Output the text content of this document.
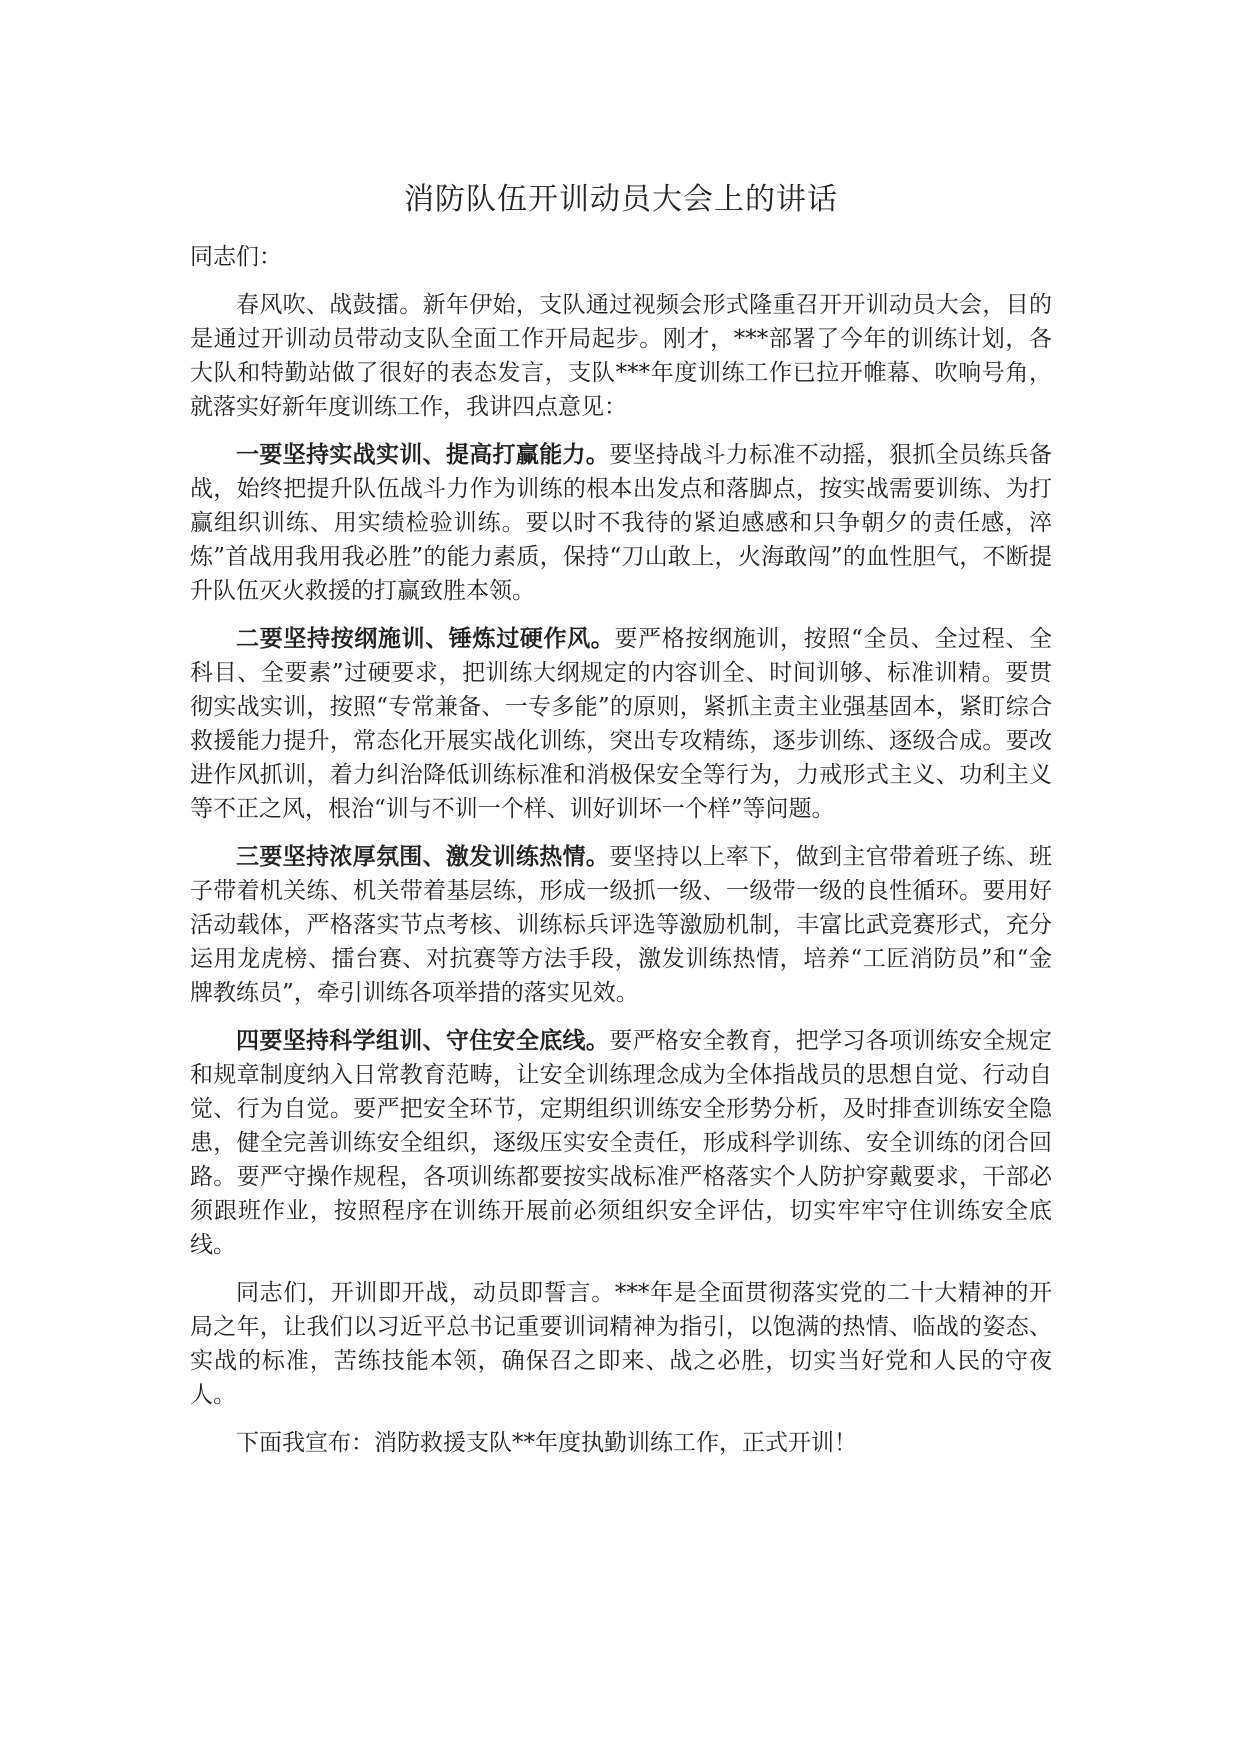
消防队伍开训动员大会上的讲话

同志们：

春风吹、战鼓擂。新年伊始，支队通过视频会形式隆重召开开训动员大会，目的是通过开训动员带动支队全面工作开局起步。刚才，***部署了今年的训练计划，各大队和特勤站做了很好的表态发言，支队***年度训练工作已拉开帷幕、吹响号角，就落实好新年度训练工作，我讲四点意见：

一要坚持实战实训、提高打赢能力。要坚持战斗力标准不动摇，狠抓全员练兵备战，始终把提升队伍战斗力作为训练的根本出发点和落脚点，按实战需要训练、为打赢组织训练、用实绩检验训练。要以时不我待的紧迫感感和只争朝夕的责任感，淬炼”首战用我用我必胜”的能力素质，保持“刀山敢上，火海敢闯”的血性胆气，不断提升队伍灭火救援的打赢致胜本领。

二要坚持按纲施训、锤炼过硬作风。要严格按纲施训，按照“全员、全过程、全科目、全要素”过硬要求，把训练大纲规定的内容训全、时间训够、标准训精。要贯彻实战实训，按照“专常兼备、一专多能”的原则，紧抓主责主业强基固本，紧盯综合救援能力提升，常态化开展实战化训练，突出专攻精练，逐步训练、逐级合成。要改进作风抓训，着力纠治降低训练标准和消极保安全等行为，力戒形式主义、功利主义等不正之风，根治“训与不训一个样、训好训坏一个样”等问题。

三要坚持浓厚氛围、激发训练热情。要坚持以上率下，做到主官带着班子练、班子带着机关练、机关带着基层练，形成一级抓一级、一级带一级的良性循环。要用好活动载体，严格落实节点考核、训练标兵评选等激励机制，丰富比武竞赛形式，充分运用龙虎榜、擂台赛、对抗赛等方法手段，激发训练热情，培养“工匠消防员”和“金牌教练员”，牵引训练各项举措的落实见效。

四要坚持科学组训、守住安全底线。要严格安全教育，把学习各项训练安全规定和规章制度纳入日常教育范畴，让安全训练理念成为全体指战员的思想自觉、行动自觉、行为自觉。要严把安全环节，定期组织训练安全形势分析，及时排查训练安全隐患，健全完善训练安全组织，逐级压实安全责任，形成科学训练、安全训练的闭合回路。要严守操作规程，各项训练都要按实战标准严格落实个人防护穿戴要求，干部必须跟班作业，按照程序在训练开展前必须组织安全评估，切实牢牢守住训练安全底线。

同志们，开训即开战，动员即誓言。***年是全面贯彻落实党的二十大精神的开局之年，让我们以习近平总书记重要训词精神为指引，以饱满的热情、临战的姿态、实战的标准，苦练技能本领，确保召之即来、战之必胜，切实当好党和人民的守夜人。

下面我宣布：消防救援支队**年度执勤训练工作，正式开训！
